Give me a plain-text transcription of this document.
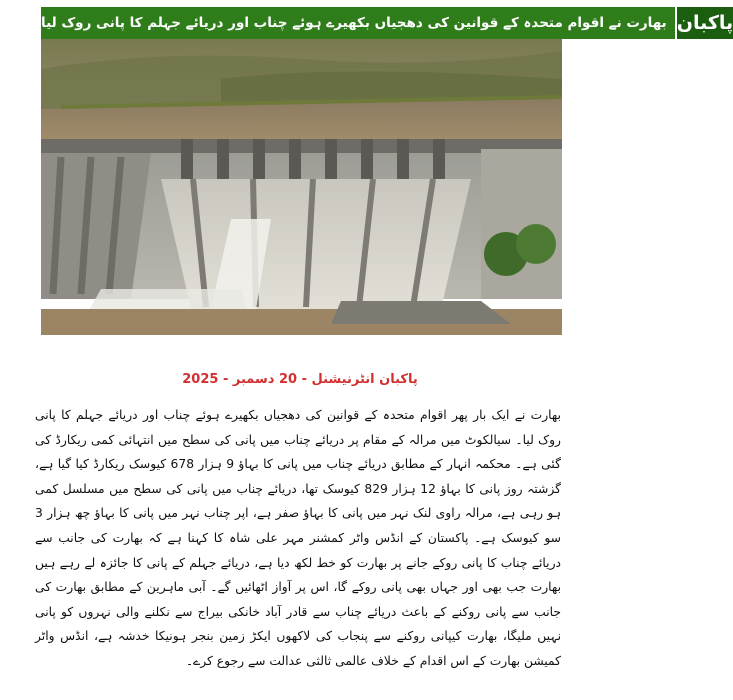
بھارت نے اقوام متحدہ کے قوانین کی دھجیاں بکھیرے ہوئے چناب اور دریائے جہلم کا پانی روک لیا پاکبان
پاکبان انٹرنیشنل - 20 دسمبر - 2025
بھارت نے ایک بار پھر اقوام متحدہ کے قوانین کی دھجیاں بکھیرے ہوئے چناب اور دریائے جہلم کا پانی روک لیا۔ سیالکوٹ میں مرالہ کے مقام پر دریائے چناب میں پانی کی سطح میں انتہائی کمی ریکارڈ کی گئی ہے۔ محکمہ انہار کے مطابق دریائے چناب میں پانی کا بہاؤ 9 ہزار 678 کیوسک ریکارڈ کیا گیا ہے، گزشتہ روز پانی کا بہاؤ 12 ہزار 829 کیوسک تھا، دریائے چناب میں پانی کی سطح میں مسلسل کمی ہو رہی ہے، مرالہ راوی لنک نہر میں پانی کا بہاؤ صفر ہے، اپر چناب نہر میں پانی کا بہاؤ چھ ہزار 3 سو کیوسک ہے۔ پاکستان کے انڈس واٹر کمشنر مہر علی شاہ کا کہنا ہے کہ بھارت کی جانب سے دریائے چناب کا پانی روکے جانے پر بھارت کو خط لکھ دیا ہے، دریائے جہلم کے پانی کا جائزہ لے رہے ہیں بھارت جب بھی اور جہاں بھی پانی روکے گا، اس پر آواز اٹھائیں گے۔ آبی ماہرین کے مطابق بھارت کی جانب سے پانی روکنے کے باعث دریائے چناب سے قادر آباد خانکی بیراج سے نکلنے والی نہروں کو پانی نہیں ملیگا، بھارت کیپانی روکنے سے پنجاب کی لاکھوں ایکڑ زمین بنجر ہونیکا خدشہ ہے، انڈس واٹر کمیشن بھارت کے اس اقدام کے خلاف عالمی ثالثی عدالت سے رجوع کرے۔
